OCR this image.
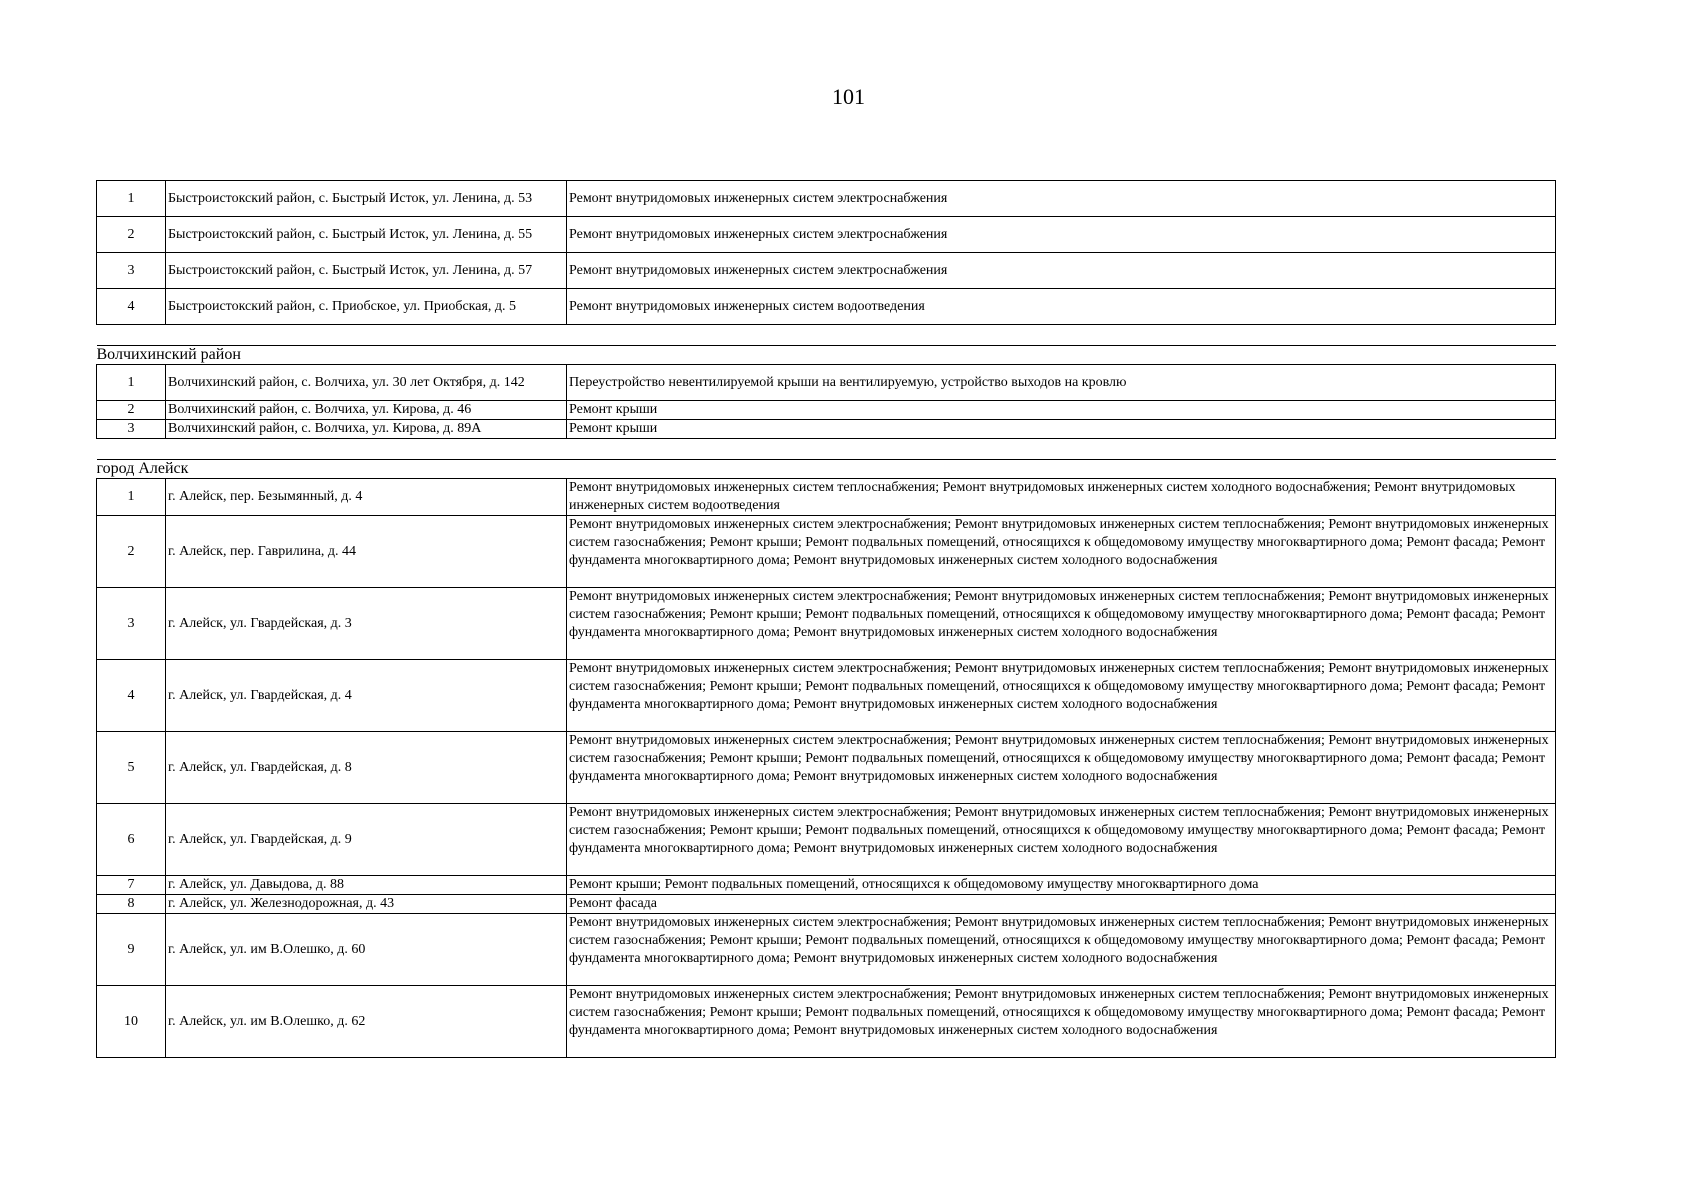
101
1	Быстроистокский район, с. Быстрый Исток, ул. Ленина, д. 53	Ремонт внутридомовых инженерных систем электроснабжения
2	Быстроистокский район, с. Быстрый Исток, ул. Ленина, д. 55	Ремонт внутридомовых инженерных систем электроснабжения
3	Быстроистокский район, с. Быстрый Исток, ул. Ленина, д. 57	Ремонт внутридомовых инженерных систем электроснабжения
4	Быстроистокский район, с. Приобское, ул. Приобская, д. 5	Ремонт внутридомовых инженерных систем водоотведения

Волчихинский район		
1	Волчихинский район, с. Волчиха, ул. 30 лет Октября, д. 142	Переустройство невентилируемой крыши на вентилируемую, устройство выходов на кровлю
2	Волчихинский район, с. Волчиха, ул. Кирова, д. 46	Ремонт крыши
3	Волчихинский район, с. Волчиха, ул. Кирова, д. 89А	Ремонт крыши

город Алейск		
1	г. Алейск, пер. Безымянный, д. 4	Ремонт внутридомовых инженерных систем теплоснабжения; Ремонт внутридомовых инженерных систем холодного водоснабжения; Ремонт внутридомовых инженерных систем водоотведения
2	г. Алейск, пер. Гаврилина, д. 44	Ремонт внутридомовых инженерных систем электроснабжения; Ремонт внутридомовых инженерных систем теплоснабжения; Ремонт внутридомовых инженерных систем газоснабжения; Ремонт крыши; Ремонт подвальных помещений, относящихся к общедомовому имуществу многоквартирного дома; Ремонт фасада; Ремонт фундамента многоквартирного дома; Ремонт внутридомовых инженерных систем холодного водоснабжения
3	г. Алейск, ул. Гвардейская, д. 3	Ремонт внутридомовых инженерных систем электроснабжения; Ремонт внутридомовых инженерных систем теплоснабжения; Ремонт внутридомовых инженерных систем газоснабжения; Ремонт крыши; Ремонт подвальных помещений, относящихся к общедомовому имуществу многоквартирного дома; Ремонт фасада; Ремонт фундамента многоквартирного дома; Ремонт внутридомовых инженерных систем холодного водоснабжения
4	г. Алейск, ул. Гвардейская, д. 4	Ремонт внутридомовых инженерных систем электроснабжения; Ремонт внутридомовых инженерных систем теплоснабжения; Ремонт внутридомовых инженерных систем газоснабжения; Ремонт крыши; Ремонт подвальных помещений, относящихся к общедомовому имуществу многоквартирного дома; Ремонт фасада; Ремонт фундамента многоквартирного дома; Ремонт внутридомовых инженерных систем холодного водоснабжения
5	г. Алейск, ул. Гвардейская, д. 8	Ремонт внутридомовых инженерных систем электроснабжения; Ремонт внутридомовых инженерных систем теплоснабжения; Ремонт внутридомовых инженерных систем газоснабжения; Ремонт крыши; Ремонт подвальных помещений, относящихся к общедомовому имуществу многоквартирного дома; Ремонт фасада; Ремонт фундамента многоквартирного дома; Ремонт внутридомовых инженерных систем холодного водоснабжения
6	г. Алейск, ул. Гвардейская, д. 9	Ремонт внутридомовых инженерных систем электроснабжения; Ремонт внутридомовых инженерных систем теплоснабжения; Ремонт внутридомовых инженерных систем газоснабжения; Ремонт крыши; Ремонт подвальных помещений, относящихся к общедомовому имуществу многоквартирного дома; Ремонт фасада; Ремонт фундамента многоквартирного дома; Ремонт внутридомовых инженерных систем холодного водоснабжения
7	г. Алейск, ул. Давыдова, д. 88	Ремонт крыши; Ремонт подвальных помещений, относящихся к общедомовому имуществу многоквартирного дома
8	г. Алейск, ул. Железнодорожная, д. 43	Ремонт фасада
9	г. Алейск, ул. им В.Олешко, д. 60	Ремонт внутридомовых инженерных систем электроснабжения; Ремонт внутридомовых инженерных систем теплоснабжения; Ремонт внутридомовых инженерных систем газоснабжения; Ремонт крыши; Ремонт подвальных помещений, относящихся к общедомовому имуществу многоквартирного дома; Ремонт фасада; Ремонт фундамента многоквартирного дома; Ремонт внутридомовых инженерных систем холодного водоснабжения
10	г. Алейск, ул. им В.Олешко, д. 62	Ремонт внутридомовых инженерных систем электроснабжения; Ремонт внутридомовых инженерных систем теплоснабжения; Ремонт внутридомовых инженерных систем газоснабжения; Ремонт крыши; Ремонт подвальных помещений, относящихся к общедомовому имуществу многоквартирного дома; Ремонт фасада; Ремонт фундамента многоквартирного дома; Ремонт внутридомовых инженерных систем холодного водоснабжения
